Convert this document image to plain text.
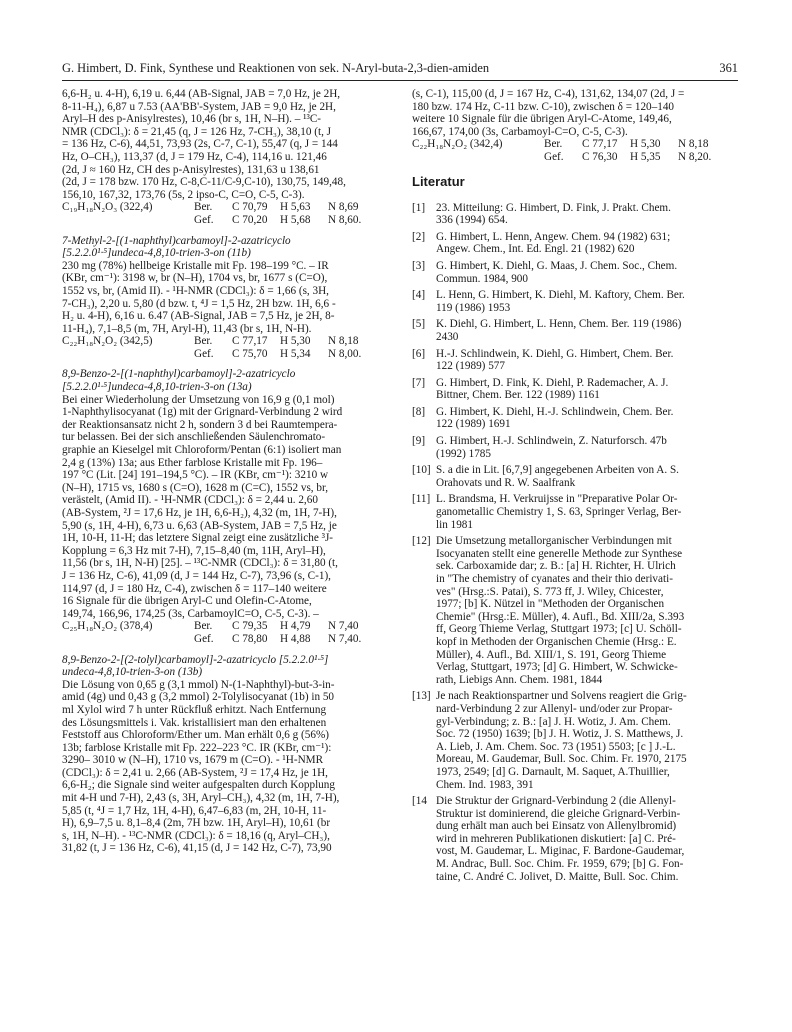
G. Himbert, D. Fink, Synthese und Reaktionen von sek. N-Aryl-buta-2,3-dien-amiden	361
6,6-H₂ u. 4-H), 6,19 u. 6,44 (AB-Signal, JAB = 7,0 Hz, je 2H,
8-11-H₄), 6,87 u 7.53 (AA'BB'-System, JAB = 9,0 Hz, je 2H,
Aryl–H des p-Anisylrestes), 10,46 (br s, 1H, N–H). – ¹³C-
NMR (CDCl₃): δ = 21,45 (q, J = 126 Hz, 7-CH₃), 38,10 (t, J
= 136 Hz, C-6), 44,51, 73,93 (2s, C-7, C-1), 55,47 (q, J = 144
Hz, O–CH₃), 113,37 (d, J = 179 Hz, C-4), 114,16 u. 121,46
(2d, J ≈ 160 Hz, CH des p-Anisylrestes), 131,63 u 138,61
(2d, J = 178 bzw. 170 Hz, C-8,C-11/C-9,C-10), 130,75, 149,48,
156,10, 167,32, 173,76 (5s, 2 ipso-C, C=O, C-5, C-3).
C₁₉H₁₈N₂O₃ (322,4)	Ber.	C 70,79	H 5,63	N 8,69
Gef.	C 70,20	H 5,68	N 8,60.
7-Methyl-2-[(1-naphthyl)carbamoyl]-2-azatricyclo
[5.2.2.0¹·⁵]undeca-4,8,10-trien-3-on (11b)
230 mg (78%) hellbeige Kristalle mit Fp. 198–199 °C. – IR
(KBr, cm⁻¹): 3198 w, br (N–H), 1704 vs, br, 1677 s (C=O),
1552 vs, br, (Amid II). - ¹H-NMR (CDCl₃): δ = 1,66 (s, 3H,
7-CH₃), 2,20 u. 5,80 (d bzw. t, ⁴J = 1,5 Hz, 2H bzw. 1H, 6,6 -
H₂ u. 4-H), 6,16 u. 6.47 (AB-Signal, JAB = 7,5 Hz, je 2H, 8-
11-H₄), 7,1–8,5 (m, 7H, Aryl-H), 11,43 (br s, 1H, N-H).
C₂₂H₁₈N₂O₂ (342,5)	Ber.	C 77,17	H 5,30	N 8,18
Gef.	C 75,70	H 5,34	N 8,00.
8,9-Benzo-2-[(1-naphthyl)carbamoyl]-2-azatricyclo
[5.2.2.0¹·⁵]undeca-4,8,10-trien-3-on (13a)
Bei einer Wiederholung der Umsetzung von 16,9 g (0,1 mol)
1-Naphthylisocyanat (1g) mit der Grignard-Verbindung 2 wird
der Reaktionsansatz nicht 2 h, sondern 3 d bei Raumtempera-
tur belassen. Bei der sich anschließenden Säulenchromato-
graphie an Kieselgel mit Chloroform/Pentan (6:1) isoliert man
2,4 g (13%) 13a; aus Ether farblose Kristalle mit Fp. 196–
197 °C (Lit. [24] 191–194,5 °C). – IR (KBr, cm⁻¹): 3210 w
(N–H), 1715 vs, 1680 s (C=O), 1628 m (C=C), 1552 vs, br,
verästelt, (Amid II). - ¹H-NMR (CDCl₃): δ = 2,44 u. 2,60
(AB-System, ²J = 17,6 Hz, je 1H, 6,6-H₂), 4,32 (m, 1H, 7-H),
5,90 (s, 1H, 4-H), 6,73 u. 6,63 (AB-System, JAB = 7,5 Hz, je
1H, 10-H, 11-H; das letztere Signal zeigt eine zusätzliche ³J-
Kopplung = 6,3 Hz mit 7-H), 7,15–8,40 (m, 11H, Aryl–H),
11,56 (br s, 1H, N-H) [25]. – ¹³C-NMR (CDCl₃): δ = 31,80 (t,
J = 136 Hz, C-6), 41,09 (d, J = 144 Hz, C-7), 73,96 (s, C-1),
114,97 (d, J = 180 Hz, C-4), zwischen δ = 117–140 weitere
16 Signale für die übrigen Aryl-C und Olefin-C-Atome,
149,74, 166,96, 174,25 (3s, CarbamoylC=O, C-5, C-3). –
C₂₅H₁₈N₂O₂ (378,4)	Ber.	C 79,35	H 4,79	N 7,40
Gef.	C 78,80	H 4,88	N 7,40.
8,9-Benzo-2-[(2-tolyl)carbamoyl]-2-azatricyclo [5.2.2.0¹·⁵]
undeca-4,8,10-trien-3-on (13b)
Die Lösung von 0,65 g (3,1 mmol) N-(1-Naphthyl)-but-3-in-
amid (4g) und 0,43 g (3,2 mmol) 2-Tolylisocyanat (1b) in 50
ml Xylol wird 7 h unter Rückfluß erhitzt. Nach Entfernung
des Lösungsmittels i. Vak. kristallisiert man den erhaltenen
Feststoff aus Chloroform/Ether um. Man erhält 0,6 g (56%)
13b; farblose Kristalle mit Fp. 222–223 °C. IR (KBr, cm⁻¹):
3290– 3010 w (N–H), 1710 vs, 1679 m (C=O). - ¹H-NMR
(CDCl₃): δ = 2,41 u. 2,66 (AB-System, ²J = 17,4 Hz, je 1H,
6,6-H₂; die Signale sind weiter aufgespalten durch Kopplung
mit 4-H und 7-H), 2,43 (s, 3H, Aryl–CH₃), 4,32 (m, 1H, 7-H),
5,85 (t, ⁴J = 1,7 Hz, 1H, 4-H), 6,47–6,83 (m, 2H, 10-H, 11-
H), 6,9–7,5 u. 8,1–8,4 (2m, 7H bzw. 1H, Aryl–H), 10,61 (br
s, 1H, N–H). - ¹³C-NMR (CDCl₃): δ = 18,16 (q, Aryl–CH₃),
31,82 (t, J = 136 Hz, C-6), 41,15 (d, J = 142 Hz, C-7), 73,90
(s, C-1), 115,00 (d, J = 167 Hz, C-4), 131,62, 134,07 (2d, J =
180 bzw. 174 Hz, C-11 bzw. C-10), zwischen δ = 120–140
weitere 10 Signale für die übrigen Aryl-C-Atome, 149,46,
166,67, 174,00 (3s, Carbamoyl-C=O, C-5, C-3).
C₂₂H₁₈N₂O₂ (342,4)	Ber.	C 77,17	H 5,30	N 8,18
Gef.	C 76,30	H 5,35	N 8,20.
Literatur
[1] 23. Mitteilung: G. Himbert, D. Fink, J. Prakt. Chem.
336 (1994) 654.
[2] G. Himbert, L. Henn, Angew. Chem. 94 (1982) 631;
Angew. Chem., Int. Ed. Engl. 21 (1982) 620
[3] G. Himbert, K. Diehl, G. Maas, J. Chem. Soc., Chem.
Commun. 1984, 900
[4] L. Henn, G. Himbert, K. Diehl, M. Kaftory, Chem. Ber.
119 (1986) 1953
[5] K. Diehl, G. Himbert, L. Henn, Chem. Ber. 119 (1986)
2430
[6] H.-J. Schlindwein, K. Diehl, G. Himbert, Chem. Ber.
122 (1989) 577
[7] G. Himbert, D. Fink, K. Diehl, P. Rademacher, A. J.
Bittner, Chem. Ber. 122 (1989) 1161
[8] G. Himbert, K. Diehl, H.-J. Schlindwein, Chem. Ber.
122 (1989) 1691
[9] G. Himbert, H.-J. Schlindwein, Z. Naturforsch. 47b
(1992) 1785
[10] S. a die in Lit. [6,7,9] angegebenen Arbeiten von A. S.
Orahovats und R. W. Saalfrank
[11] L. Brandsma, H. Verkruijsse in "Preparative Polar Or-
ganometallic Chemistry 1, S. 63, Springer Verlag, Ber-
lin 1981
[12] Die Umsetzung metallorganischer Verbindungen mit
Isocyanaten stellt eine generelle Methode zur Synthese
sek. Carboxamide dar; z. B.: [a] H. Richter, H. Ulrich
in "The chemistry of cyanates and their thio derivati-
ves" (Hrsg.:S. Patai), S. 773 ff, J. Wiley, Chicester,
1977; [b] K. Nützel in "Methoden der Organischen
Chemie" (Hrsg.:E. Müller), 4. Aufl., Bd. XIII/2a, S.393
ff, Georg Thieme Verlag, Stuttgart 1973; [c] U. Schöll-
kopf in Methoden der Organischen Chemie (Hrsg.: E.
Müller), 4. Aufl., Bd. XIII/1, S. 191, Georg Thieme
Verlag, Stuttgart, 1973; [d] G. Himbert, W. Schwicke-
rath, Liebigs Ann. Chem. 1981, 1844
[13] Je nach Reaktionspartner und Solvens reagiert die Grig-
nard-Verbindung 2 zur Allenyl- und/oder zur Propar-
gyl-Verbindung; z. B.: [a] J. H. Wotiz, J. Am. Chem.
Soc. 72 (1950) 1639; [b] J. H. Wotiz, J. S. Matthews, J.
A. Lieb, J. Am. Chem. Soc. 73 (1951) 5503; [c ] J.-L.
Moreau, M. Gaudemar, Bull. Soc. Chim. Fr. 1970, 2175
1973, 2549; [d] G. Darnault, M. Saquet, A.Thuillier,
Chem. Ind. 1983, 391
[14 Die Struktur der Grignard-Verbindung 2 (die Allenyl-
Struktur ist dominierend, die gleiche Grignard-Verbin-
dung erhält man auch bei Einsatz von Allenylbromid)
wird in mehreren Publikationen diskutiert: [a] C. Pré-
vost, M. Gaudemar, L. Miginac, F. Bardone-Gaudemar,
M. Andrac, Bull. Soc. Chim. Fr. 1959, 679; [b] G. Fon-
taine, C. André C. Jolivet, D. Maitte, Bull. Soc. Chim.
